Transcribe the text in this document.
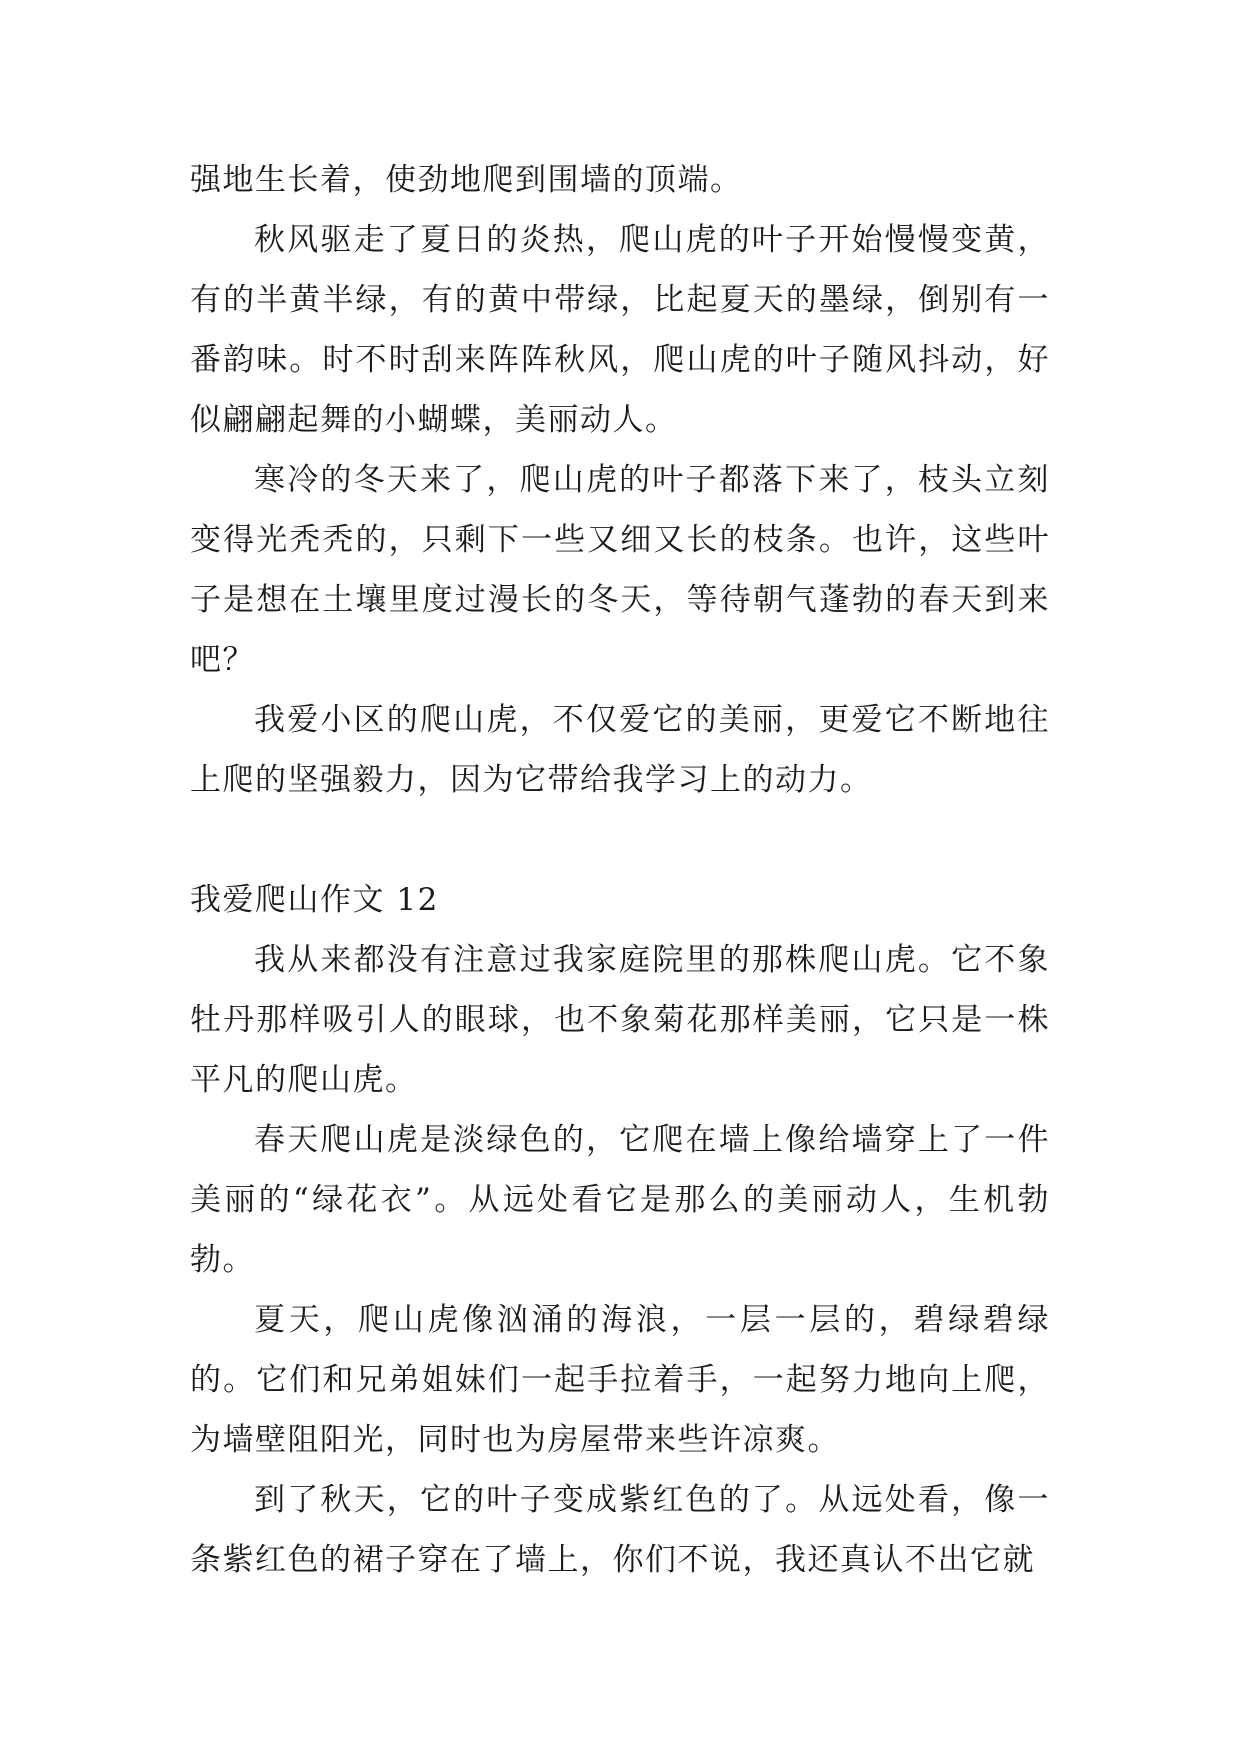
强地生长着，使劲地爬到围墙的顶端。

秋风驱走了夏日的炎热，爬山虎的叶子开始慢慢变黄，有的半黄半绿，有的黄中带绿，比起夏天的墨绿，倒别有一番韵味。时不时刮来阵阵秋风，爬山虎的叶子随风抖动，好似翩翩起舞的小蝴蝶，美丽动人。

寒冷的冬天来了，爬山虎的叶子都落下来了，枝头立刻变得光秃秃的，只剩下一些又细又长的枝条。也许，这些叶子是想在土壤里度过漫长的冬天，等待朝气蓬勃的春天到来吧？

我爱小区的爬山虎，不仅爱它的美丽，更爱它不断地往上爬的坚强毅力，因为它带给我学习上的动力。

我爱爬山作文 12

我从来都没有注意过我家庭院里的那株爬山虎。它不象牡丹那样吸引人的眼球，也不象菊花那样美丽，它只是一株平凡的爬山虎。

春天爬山虎是淡绿色的，它爬在墙上像给墙穿上了一件美丽的“绿花衣”。从远处看它是那么的美丽动人，生机勃勃。

夏天，爬山虎像汹涌的海浪，一层一层的，碧绿碧绿的。它们和兄弟姐妹们一起手拉着手，一起努力地向上爬，为墙壁阻阳光，同时也为房屋带来些许凉爽。

到了秋天，它的叶子变成紫红色的了。从远处看，像一条紫红色的裙子穿在了墙上，你们不说，我还真认不出它就
